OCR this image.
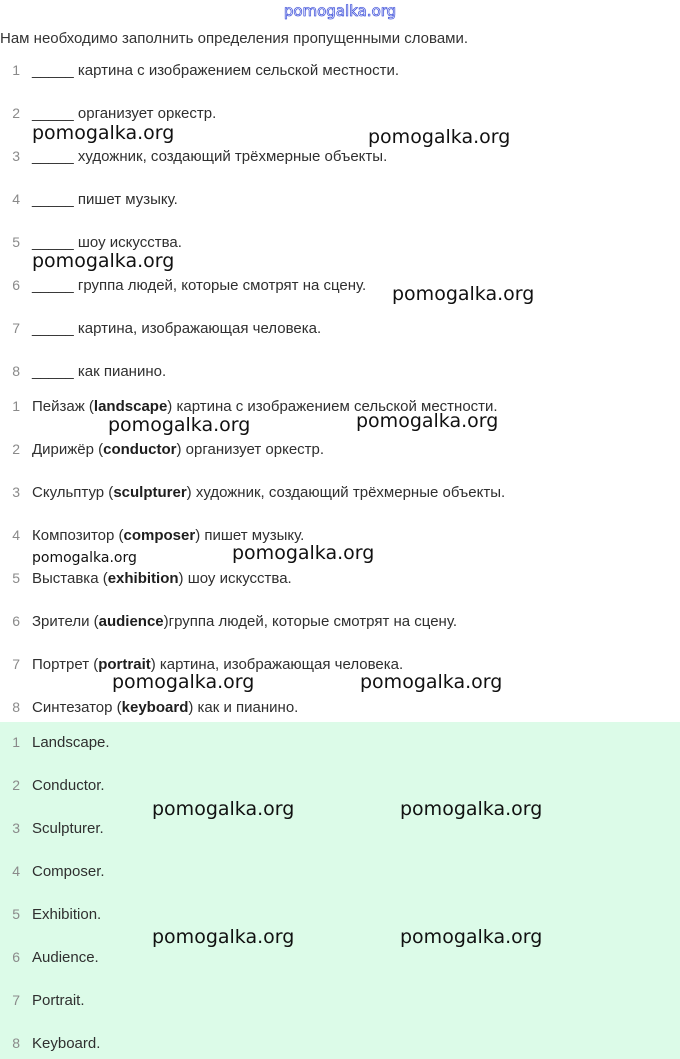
pomogalka.org
Нам необходимо заполнить определения пропущенными словами.
1 _____ картина с изображением сельской местности.
2 _____ организует оркестр.
3 _____ художник, создающий трёхмерные объекты.
4 _____ пишет музыку.
5 _____ шоу искусства.
6 _____ группа людей, которые смотрят на сцену.
7 _____ картина, изображающая человека.
8 _____ как пианино.
1 Пейзаж (landscape) картина с изображением сельской местности.
2 Дирижёр (conductor) организует оркестр.
3 Скульптур (sculpturer) художник, создающий трёхмерные объекты.
4 Композитор (composer) пишет музыку.
5 Выставка (exhibition) шоу искусства.
6 Зрители (audience)группа людей, которые смотрят на сцену.
7 Портрет (portrait) картина, изображающая человека.
8 Синтезатор (keyboard) как и пианино.
1 Landscape.
2 Conductor.
3 Sculpturer.
4 Composer.
5 Exhibition.
6 Audience.
7 Portrait.
8 Keyboard.
pomogalka.org	pomogalka.org
pomogalka.org
pomogalka.org
pomogalka.org	pomogalka.org
pomogalka.org	pomogalka.org
pomogalka.org	pomogalka.org
pomogalka.org	pomogalka.org
pomogalka.org	pomogalka.org
